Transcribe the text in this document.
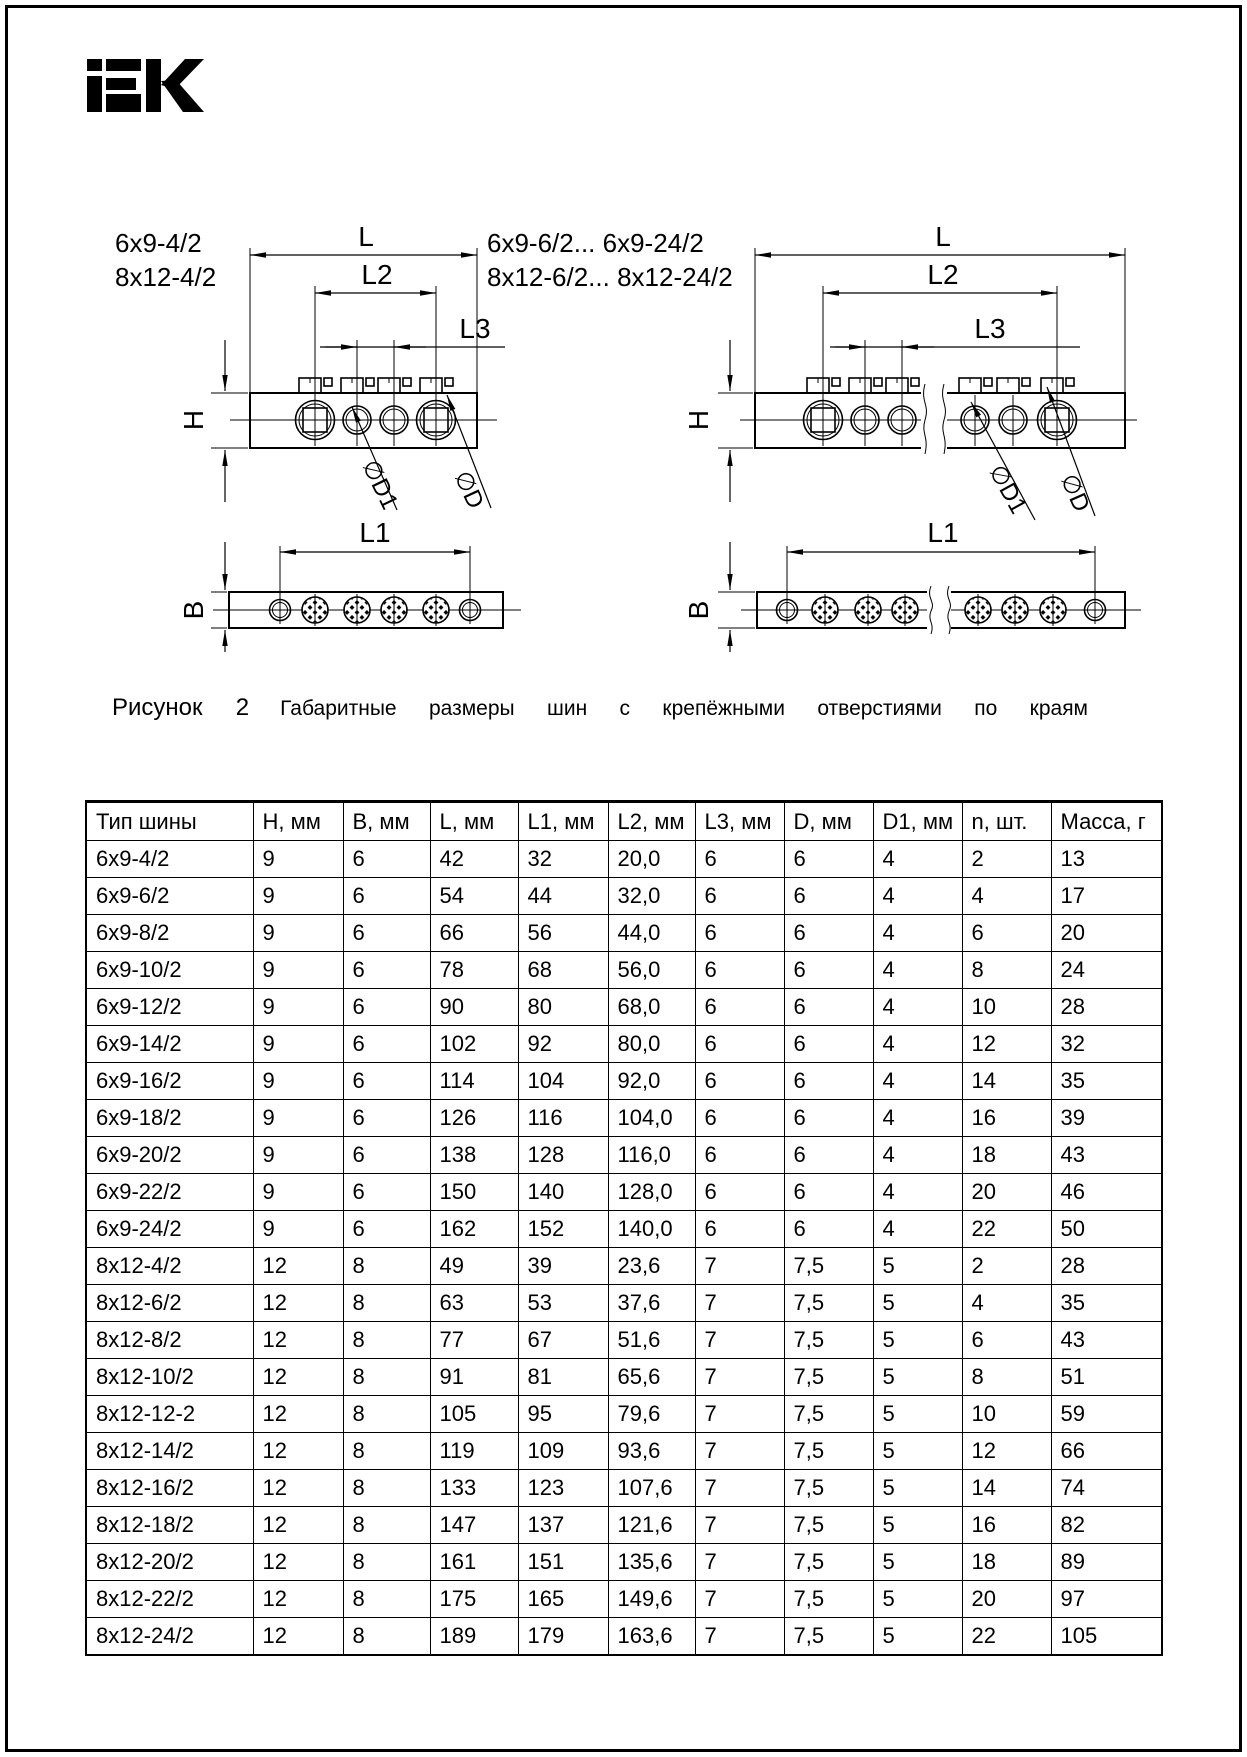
6x9-4/2
8x12-4/2
L
L2
L3
H
∅D1 ∅D
L1
B
6x9-6/2... 6x9-24/2
8x12-6/2... 8x12-24/2
L
L2
L3
H
∅D1 ∅D
L1
B
Рисунок 2 Габаритные размеры шин с крепёжными отверстиями по краям
Тип шины	H, мм	B, мм	L, мм	L1, мм	L2, мм	L3, мм	D, мм	D1, мм	n, шт.	Масса, г
6x9-4/2	9	6	42	32	20,0	6	6	4	2	13
6x9-6/2	9	6	54	44	32,0	6	6	4	4	17
6x9-8/2	9	6	66	56	44,0	6	6	4	6	20
6x9-10/2	9	6	78	68	56,0	6	6	4	8	24
6x9-12/2	9	6	90	80	68,0	6	6	4	10	28
6x9-14/2	9	6	102	92	80,0	6	6	4	12	32
6x9-16/2	9	6	114	104	92,0	6	6	4	14	35
6x9-18/2	9	6	126	116	104,0	6	6	4	16	39
6x9-20/2	9	6	138	128	116,0	6	6	4	18	43
6x9-22/2	9	6	150	140	128,0	6	6	4	20	46
6x9-24/2	9	6	162	152	140,0	6	6	4	22	50
8x12-4/2	12	8	49	39	23,6	7	7,5	5	2	28
8x12-6/2	12	8	63	53	37,6	7	7,5	5	4	35
8x12-8/2	12	8	77	67	51,6	7	7,5	5	6	43
8x12-10/2	12	8	91	81	65,6	7	7,5	5	8	51
8x12-12-2	12	8	105	95	79,6	7	7,5	5	10	59
8x12-14/2	12	8	119	109	93,6	7	7,5	5	12	66
8x12-16/2	12	8	133	123	107,6	7	7,5	5	14	74
8x12-18/2	12	8	147	137	121,6	7	7,5	5	16	82
8x12-20/2	12	8	161	151	135,6	7	7,5	5	18	89
8x12-22/2	12	8	175	165	149,6	7	7,5	5	20	97
8x12-24/2	12	8	189	179	163,6	7	7,5	5	22	105
